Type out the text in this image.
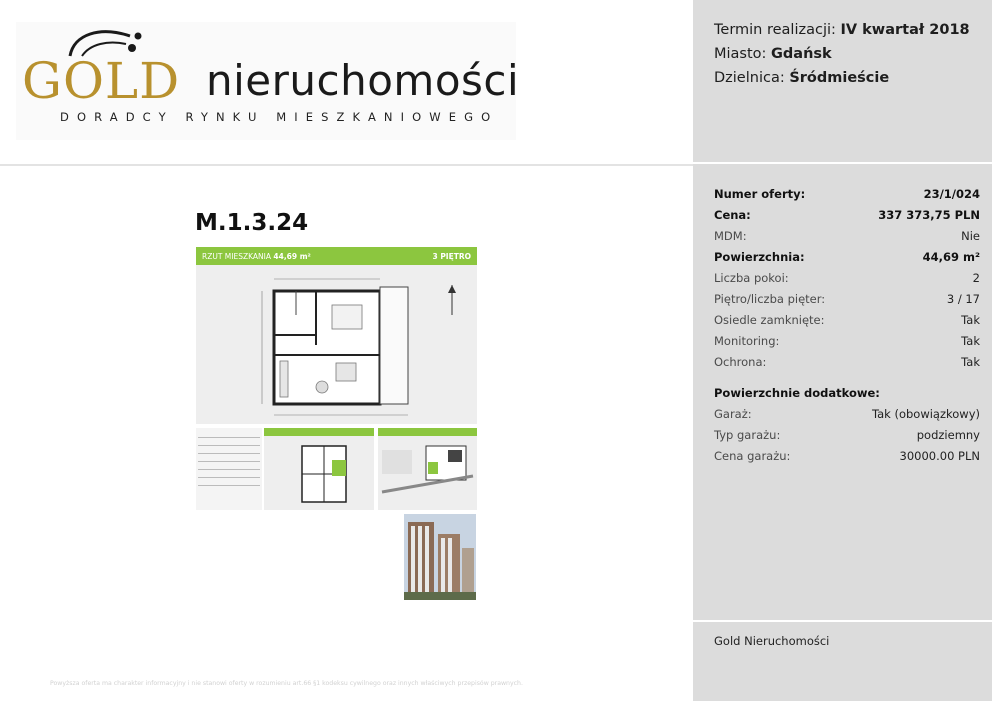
GOLD nieruchomości
DORADCY RYNKU MIESZKANIOWEGO
Termin realizacji: IV kwartał 2018
Miasto: Gdańsk
Dzielnica: Śródmieście
Numer oferty:	23/1/024
Cena:	337 373,75 PLN
MDM:	Nie
Powierzchnia:	44,69 m²
Liczba pokoi:	2
Piętro/liczba pięter:	3 / 17
Osiedle zamknięte:	Tak
Monitoring:	Tak
Ochrona:	Tak
Powierzchnie dodatkowe:
Garaż:	Tak (obowiązkowy)
Typ garażu:	podziemny
Cena garażu:	30000.00 PLN
Gold Nieruchomości
M.1.3.24
RZUT MIESZKANIA 44,69 m²	3 PIĘTRO
Powyższa oferta ma charakter informacyjny i nie stanowi oferty w rozumieniu art.66 §1 kodeksu cywilnego oraz innych właściwych przepisów prawnych.
